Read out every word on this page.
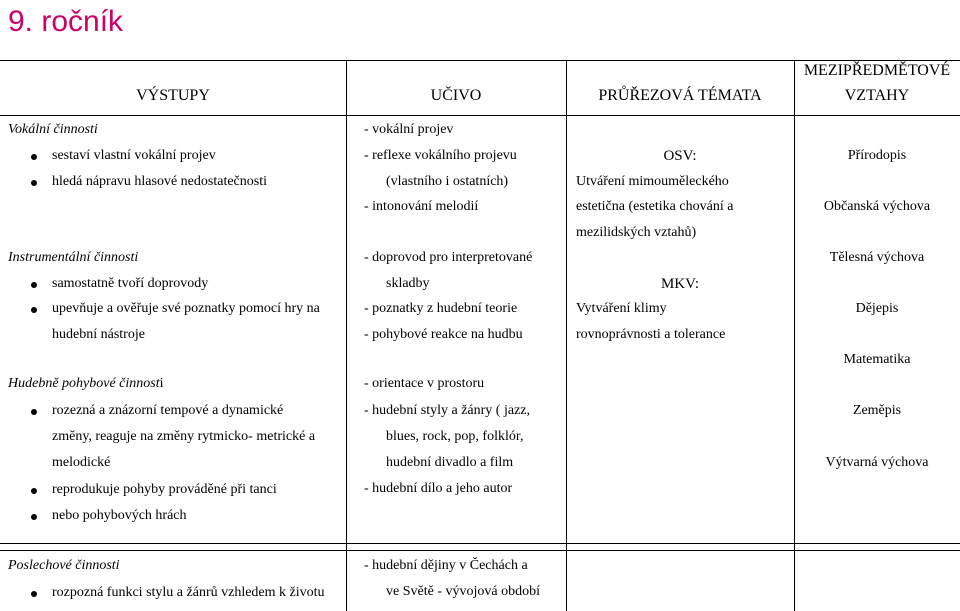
9. ročník
VÝSTUPY	UČIVO	PRŮŘEZOVÁ TÉMATA
MEZIPŘEDMĚTOVÉ
VZTAHY
Vokální činnosti
sestaví vlastní vokální projev
hledá nápravu hlasové nedostatečnosti
Instrumentální činnosti
samostatně tvoří doprovody
upevňuje a ověřuje své poznatky pomocí hry na
hudební nástroje
Hudebně pohybové činnosti
rozezná a znázorní tempové a dynamické
změny, reaguje na změny rytmicko- metrické a
melodické
reprodukuje pohyby prováděné při tanci
nebo pohybových hrách
Poslechové činnosti
rozpozná funkci stylu a žánrů vzhledem k životu
- vokální projev
- reflexe vokálního projevu
(vlastního i ostatních)
- intonování melodií
- doprovod pro interpretované
skladby
- poznatky z hudební teorie
- pohybové reakce na hudbu
- orientace v prostoru
- hudební styly a žánry ( jazz,
blues, rock, pop, folklór,
hudební divadlo a film
- hudební dílo a jeho autor
- hudební dějiny v Čechách a
ve Světě - vývojová období
OSV:
Utváření mimouměleckého
estetična (estetika chování a
mezilidských vztahů)
MKV:
Vytváření klimy
rovnoprávnosti a tolerance
Přírodopis
Občanská výchova
Tělesná výchova
Dějepis
Matematika
Zeměpis
Výtvarná výchova
